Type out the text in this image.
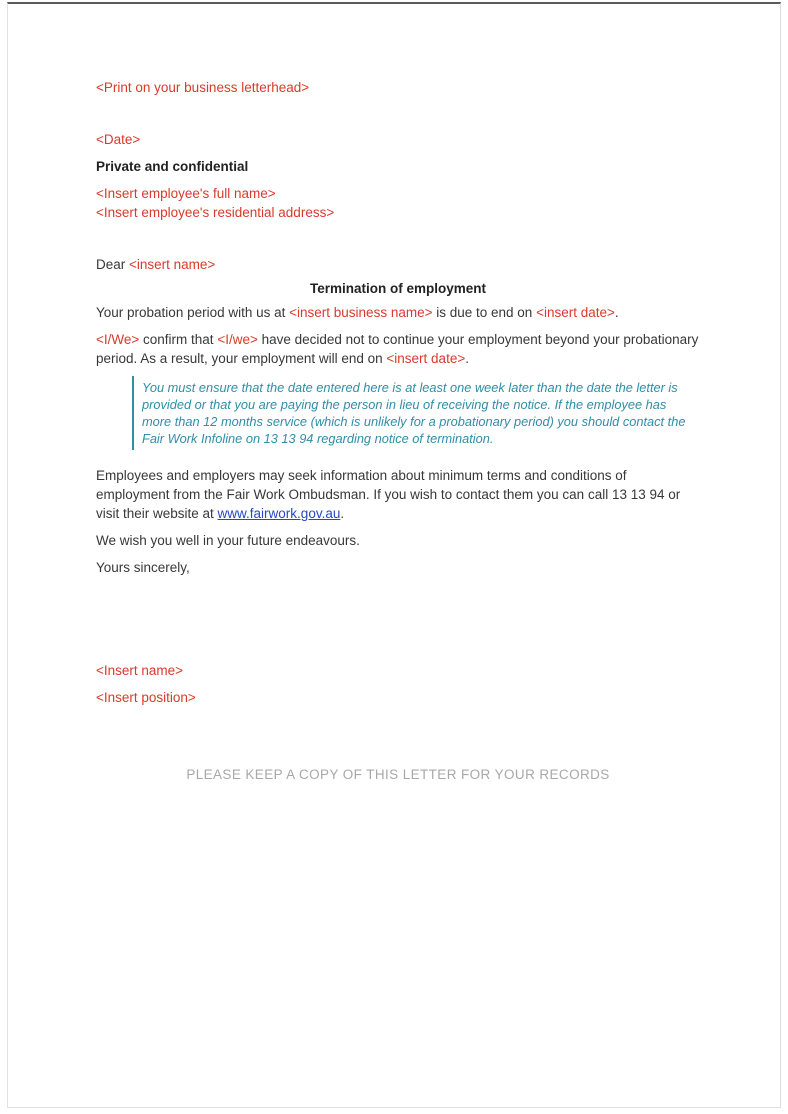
<Print on your business letterhead>
<Date>
Private and confidential
<Insert employee's full name>
<Insert employee's residential address>
Dear <insert name>
Termination of employment
Your probation period with us at <insert business name> is due to end on <insert date>.
<I/We> confirm that <I/we> have decided not to continue your employment beyond your probationary period. As a result, your employment will end on <insert date>.
You must ensure that the date entered here is at least one week later than the date the letter is provided or that you are paying the person in lieu of receiving the notice. If the employee has more than 12 months service (which is unlikely for a probationary period) you should contact the Fair Work Infoline on 13 13 94 regarding notice of termination.
Employees and employers may seek information about minimum terms and conditions of employment from the Fair Work Ombudsman. If you wish to contact them you can call 13 13 94 or visit their website at www.fairwork.gov.au.
We wish you well in your future endeavours.
Yours sincerely,
<Insert name>
<Insert position>
PLEASE KEEP A COPY OF THIS LETTER FOR YOUR RECORDS
